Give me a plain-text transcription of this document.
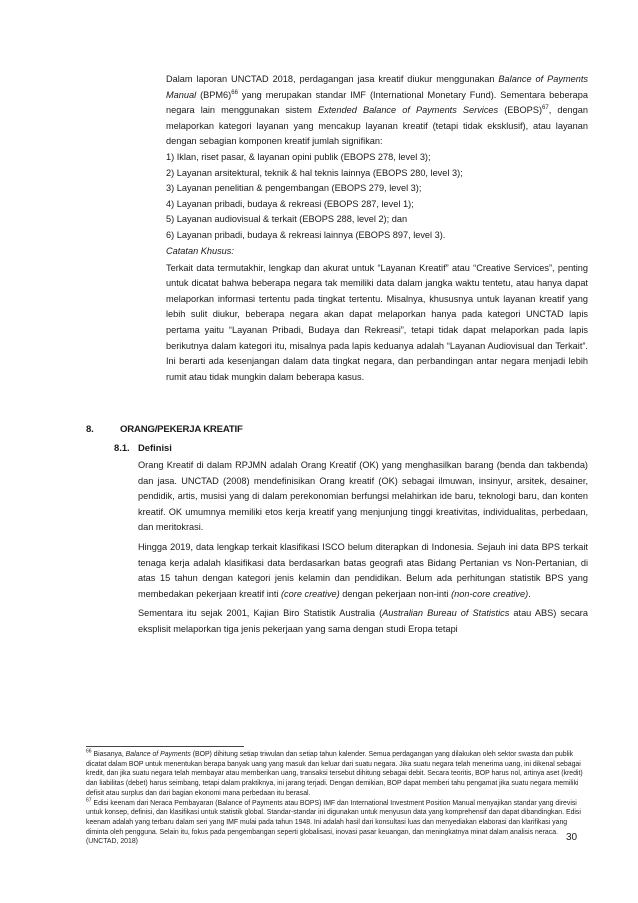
Dalam laporan UNCTAD 2018, perdagangan jasa kreatif diukur menggunakan Balance of Payments Manual $(BPM6)^{66}$ yang merupakan standar IMF (International Monetary Fund). Sementara beberapa negara lain menggunakan sistem Extended Balance of Payments Services (EBOPS)$^{67}$, dengan melaporkan kategori layanan yang mencakup layanan kreatif (tetapi tidak eksklusif), atau layanan dengan sebagian komponen kreatif jumlah signifikan:

1) Iklan, riset pasar, & layanan opini publik (EBOPS 278, level 3);
2) Layanan arsitektural, teknik & hal teknis lainnya (EBOPS 280, level 3);
3) Layanan penelitian & pengembangan (EBOPS 279, level 3);
4) Layanan pribadi, budaya & rekreasi (EBOPS 287, level 1);
5) Layanan audiovisual & terkait (EBOPS 288, level 2); dan
6) Layanan pribadi, budaya & rekreasi lainnya (EBOPS 897, level 3).

Catatan Khusus:

Terkait data termutakhir, lengkap dan akurat untuk “Layanan Kreatif” atau “Creative Services”, penting untuk dicatat bahwa beberapa negara tak memiliki data dalam jangka waktu tentetu, atau hanya dapat melaporkan informasi tertentu pada tingkat tertentu. Misalnya, khususnya untuk layanan kreatif yang lebih sulit diukur, beberapa negara akan dapat melaporkan hanya pada kategori UNCTAD lapis pertama yaitu “Layanan Pribadi, Budaya dan Rekreasi”, tetapi tidak dapat melaporkan pada lapis berikutnya dalam kategori itu, misalnya pada lapis keduanya adalah “Layanan Audiovisual dan Terkait”. Ini berarti ada kesenjangan dalam data tingkat negara, dan perbandingan antar negara menjadi lebih rumit atau tidak mungkin dalam beberapa kasus.

8.	ORANG/PEKERJA KREATIF
8.1. Definisi

Orang Kreatif di dalam RPJMN adalah Orang Kreatif (OK) yang menghasilkan barang (benda dan takbenda) dan jasa. UNCTAD (2008) mendefinisikan Orang kreatif (OK) sebagai ilmuwan, insinyur, arsitek, desainer, pendidik, artis, musisi yang di dalam perekonomian berfungsi melahirkan ide baru, teknologi baru, dan konten kreatif. OK umumnya memiliki etos kerja kreatif yang menjunjung tinggi kreativitas, individualitas, perbedaan, dan meritokrasi.

Hingga 2019, data lengkap terkait klasifikasi ISCO belum diterapkan di Indonesia. Sejauh ini data BPS terkait tenaga kerja adalah klasifikasi data berdasarkan batas geografi atas Bidang Pertanian vs Non-Pertanian, di atas 15 tahun dengan kategori jenis kelamin dan pendidikan. Belum ada perhitungan statistik BPS yang membedakan pekerjaan kreatif inti (core creative) dengan pekerjaan non-inti (non-core creative).

Sementara itu sejak 2001, Kajian Biro Statistik Australia (Australian Bureau of Statistics atau ABS) secara eksplisit melaporkan tiga jenis pekerjaan yang sama dengan studi Eropa tetapi

$^{66}$ Biasanya, Balance of Payments (BOP) dihitung setiap triwulan dan setiap tahun kalender. Semua perdagangan yang dilakukan oleh sektor swasta dan publik dicatat dalam BOP untuk menentukan berapa banyak uang yang masuk dan keluar dari suatu negara. Jika suatu negara telah menerima uang, ini dikenal sebagai kredit, dan jika suatu negara telah membayar atau memberikan uang, transaksi tersebut dihitung sebagai debit. Secara teoritis, BOP harus nol, artinya aset (kredit) dan liabilitas (debet) harus seimbang, tetapi dalam praktiknya, ini jarang terjadi. Dengan demikian, BOP dapat memberi tahu pengamat jika suatu negara memiliki defisit atau surplus dan dari bagian ekonomi mana perbedaan itu berasal.

$^{67}$ Edisi keenam dari Neraca Pembayaran (Balance of Payments atau BOPS) IMF dan International Investment Position Manual menyajikan standar yang direvisi untuk konsep, definisi, dan klasifikasi untuk statistik global. Standar-standar ini digunakan untuk menyusun data yang komprehensif dan dapat dibandingkan. Edisi keenam adalah yang terbaru dalam seri yang IMF mulai pada tahun 1948. Ini adalah hasil dari konsultasi luas dan menyediakan elaborasi dan klarifikasi yang diminta oleh pengguna. Selain itu, fokus pada pengembangan seperti globalisasi, inovasi pasar keuangan, dan meningkatnya minat dalam analisis neraca. (UNCTAD, 2018)	30
